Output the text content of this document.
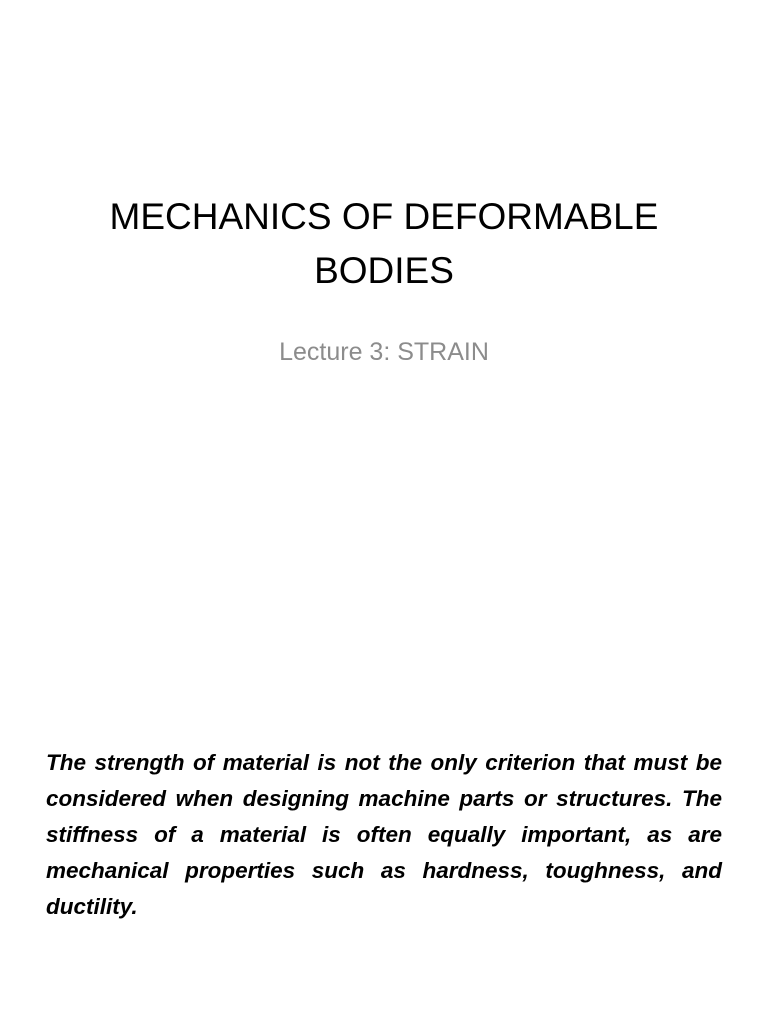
MECHANICS OF DEFORMABLE BODIES

Lecture 3: STRAIN

The strength of material is not the only criterion that must be considered when designing machine parts or structures. The stiffness of a material is often equally important, as are mechanical properties such as hardness, toughness, and ductility.
